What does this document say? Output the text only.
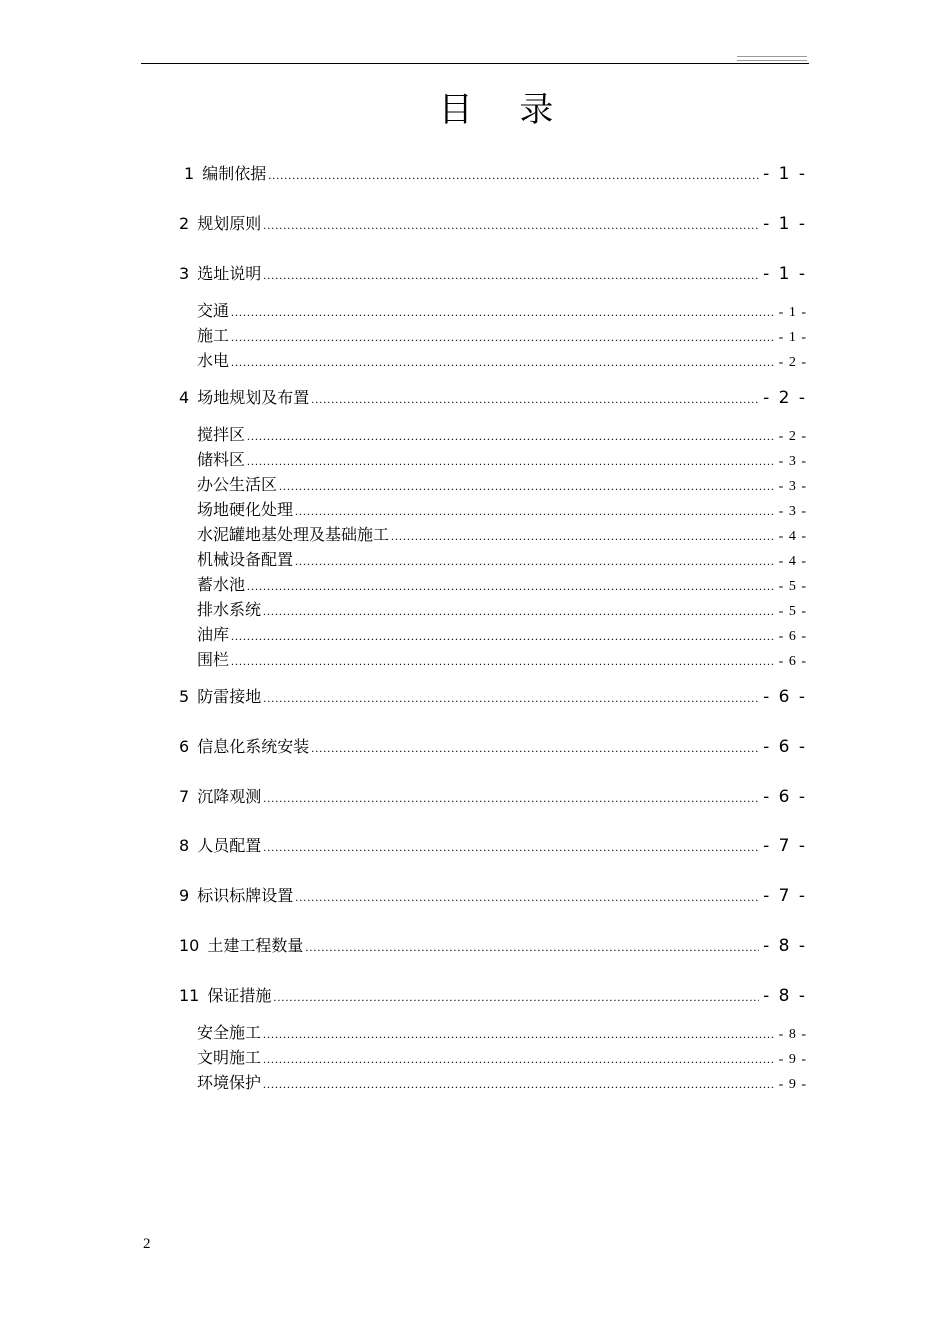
目 录
1 编制依据 .....	- 1 -
2 规划原则 .....	- 1 -
3 选址说明 .....	- 1 -
交通 .....	- 1 -
施工 .....	- 1 -
水电 .....	- 2 -
4 场地规划及布置 .....	- 2 -
搅拌区 .....	- 2 -
储料区 .....	- 3 -
办公生活区 .....	- 3 -
场地硬化处理 .....	- 3 -
水泥罐地基处理及基础施工 .....	- 4 -
机械设备配置 .....	- 4 -
蓄水池 .....	- 5 -
排水系统 .....	- 5 -
油库 .....	- 6 -
围栏 .....	- 6 -
5 防雷接地 .....	- 6 -
6 信息化系统安装 .....	- 6 -
7 沉降观测 .....	- 6 -
8 人员配置 .....	- 7 -
9 标识标牌设置 .....	- 7 -
10 土建工程数量 .....	- 8 -
11 保证措施 .....	- 8 -
安全施工 .....	- 8 -
文明施工 .....	- 9 -
环境保护 .....	- 9 -
2
